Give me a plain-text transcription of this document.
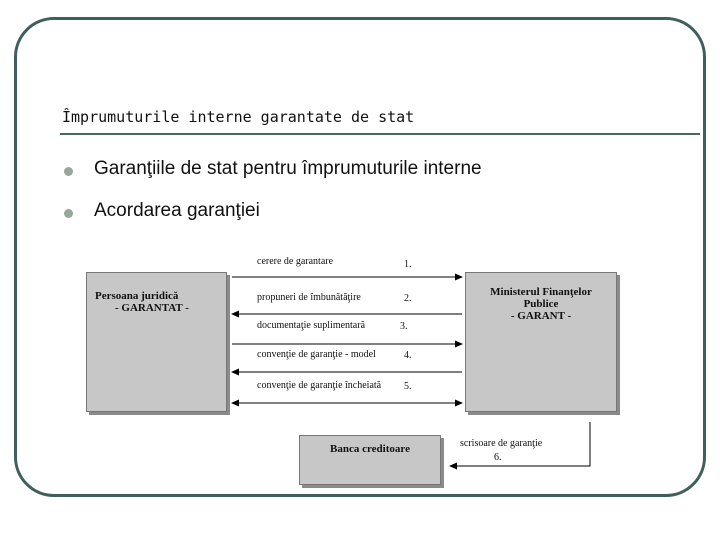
Împrumuturile interne garantate de stat
Garanţiile de stat pentru împrumuturile interne
Acordarea garanţiei
Persoana juridică
- GARANTAT -
Ministerul Finanţelor
Publice
- GARANT -
Banca creditoare
cerere de garantare	1.
propuneri de îmbunătăţire	2.
documentaţie suplimentară	3.
convenţie de garanţie - model	4.
convenţie de garanţie încheiată 5.
scrisoare de garanţie
6.
